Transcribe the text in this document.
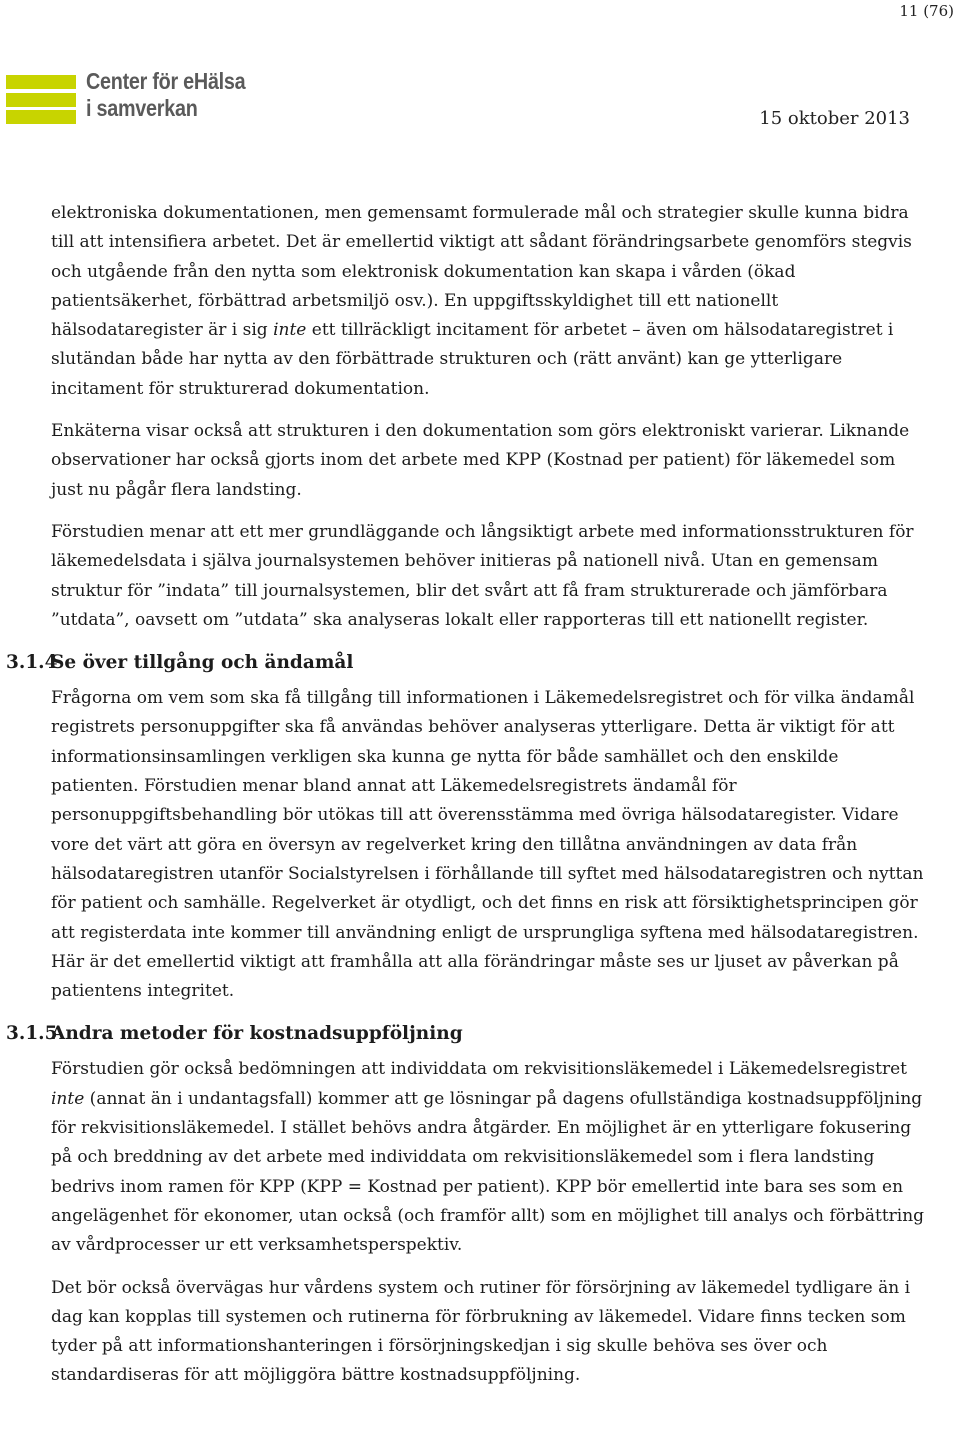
11 (76)
Center för eHälsa
i samverkan	15 oktober 2013

elektroniska dokumentationen, men gemensamt formulerade mål och strategier skulle kunna bidra till att intensifiera arbetet. Det är emellertid viktigt att sådant förändringsarbete genomförs stegvis och utgående från den nytta som elektronisk dokumentation kan skapa i vården (ökad patientsäkerhet, förbättrad arbetsmiljö osv.). En uppgiftsskyldighet till ett nationellt hälsodataregister är i sig inte ett tillräckligt incitament för arbetet – även om hälsodataregistret i slutändan både har nytta av den förbättrade strukturen och (rätt använt) kan ge ytterligare incitament för strukturerad dokumentation.

Enkäterna visar också att strukturen i den dokumentation som görs elektroniskt varierar. Liknande observationer har också gjorts inom det arbete med KPP (Kostnad per patient) för läkemedel som just nu pågår flera landsting.

Förstudien menar att ett mer grundläggande och långsiktigt arbete med informationsstrukturen för läkemedelsdata i själva journalsystemen behöver initieras på nationell nivå. Utan en gemensam struktur för ”indata” till journalsystemen, blir det svårt att få fram strukturerade och jämförbara ”utdata”, oavsett om ”utdata” ska analyseras lokalt eller rapporteras till ett nationellt register.

3.1.4
Se över tillgång och ändamål

Frågorna om vem som ska få tillgång till informationen i Läkemedelsregistret och för vilka ändamål registrets personuppgifter ska få användas behöver analyseras ytterligare. Detta är viktigt för att informationsinsamlingen verkligen ska kunna ge nytta för både samhället och den enskilde patienten. Förstudien menar bland annat att Läkemedelsregistrets ändamål för personuppgiftsbehandling bör utökas till att överensstämma med övriga hälsodataregister. Vidare vore det värt att göra en översyn av regelverket kring den tillåtna användningen av data från hälsodataregistren utanför Socialstyrelsen i förhållande till syftet med hälsodataregistren och nyttan för patient och samhälle. Regelverket är otydligt, och det finns en risk att försiktighetsprincipen gör att registerdata inte kommer till användning enligt de ursprungliga syftena med hälsodataregistren. Här är det emellertid viktigt att framhålla att alla förändringar måste ses ur ljuset av påverkan på patientens integritet.

3.1.5
Andra metoder för kostnadsuppföljning

Förstudien gör också bedömningen att individdata om rekvisitionsläkemedel i Läkemedelsregistret inte (annat än i undantagsfall) kommer att ge lösningar på dagens ofullständiga kostnadsuppföljning för rekvisitionsläkemedel. I stället behövs andra åtgärder. En möjlighet är en ytterligare fokusering på och breddning av det arbete med individdata om rekvisitionsläkemedel som i flera landsting bedrivs inom ramen för KPP (KPP = Kostnad per patient). KPP bör emellertid inte bara ses som en angelägenhet för ekonomer, utan också (och framför allt) som en möjlighet till analys och förbättring av vårdprocesser ur ett verksamhetsperspektiv.

Det bör också övervägas hur vårdens system och rutiner för försörjning av läkemedel tydligare än i dag kan kopplas till systemen och rutinerna för förbrukning av läkemedel. Vidare finns tecken som tyder på att informationshanteringen i försörjningskedjan i sig skulle behöva ses över och standardiseras för att möjliggöra bättre kostnadsuppföljning.
